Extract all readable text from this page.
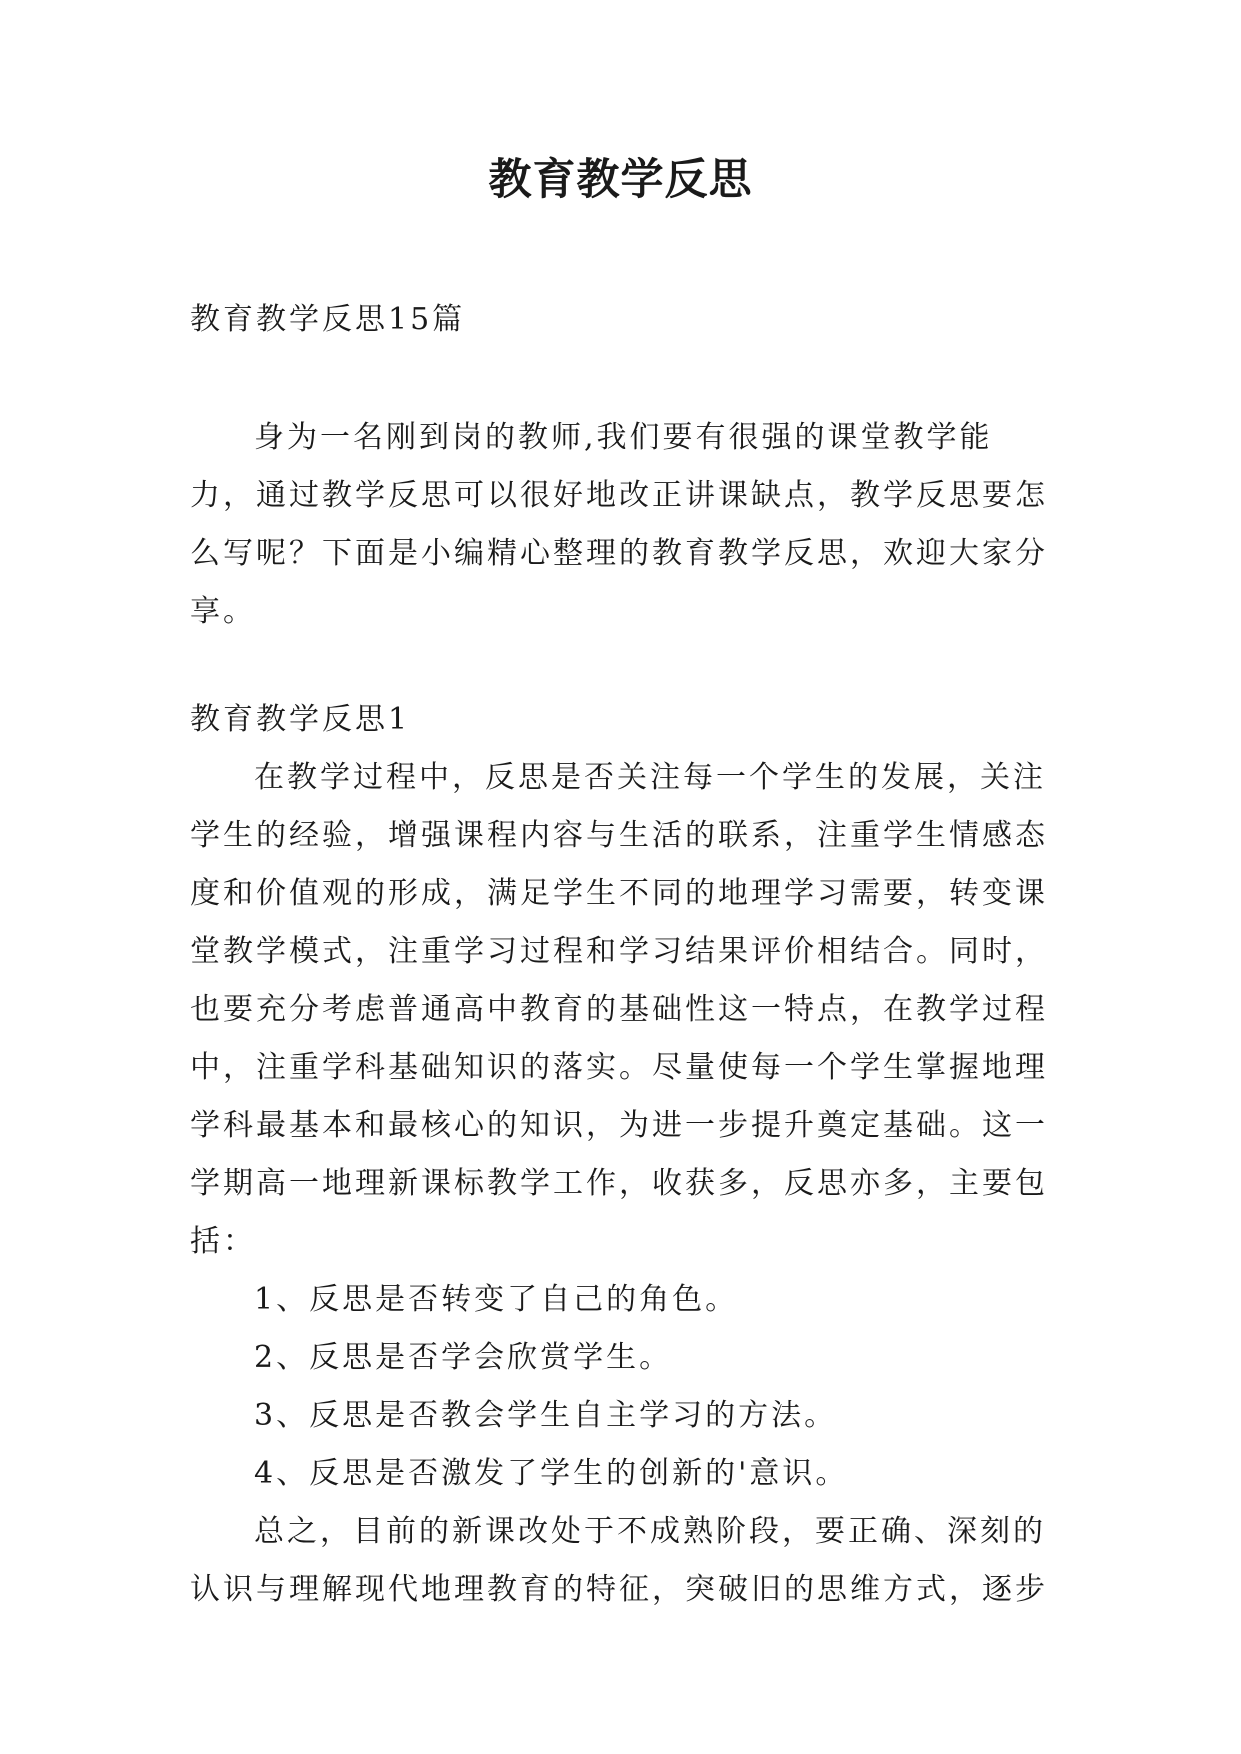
教育教学反思

教育教学反思15篇

身为一名刚到岗的教师,我们要有很强的课堂教学能力，通过教学反思可以很好地改正讲课缺点，教学反思要怎么写呢？下面是小编精心整理的教育教学反思，欢迎大家分享。

教育教学反思1

在教学过程中，反思是否关注每一个学生的发展，关注学生的经验，增强课程内容与生活的联系，注重学生情感态度和价值观的形成，满足学生不同的地理学习需要，转变课堂教学模式，注重学习过程和学习结果评价相结合。同时，也要充分考虑普通高中教育的基础性这一特点，在教学过程中，注重学科基础知识的落实。尽量使每一个学生掌握地理学科最基本和最核心的知识，为进一步提升奠定基础。这一学期高一地理新课标教学工作，收获多，反思亦多，主要包括：

1、反思是否转变了自己的角色。

2、反思是否学会欣赏学生。

3、反思是否教会学生自主学习的方法。

4、反思是否激发了学生的创新的'意识。

总之，目前的新课改处于不成熟阶段，要正确、深刻的认识与理解现代地理教育的特征，突破旧的思维方式，逐步
